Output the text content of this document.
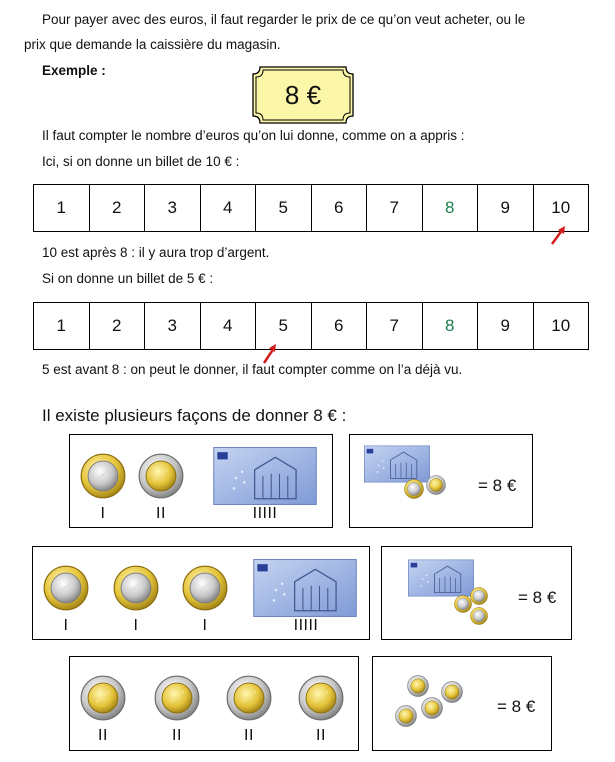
Pour payer avec des euros, il faut regarder le prix de ce qu’on veut acheter, ou le
prix que demande la caissière du magasin.
Exemple :
8 €
Il faut compter le nombre d’euros qu’on lui donne, comme on a appris :
Ici, si on donne un billet de 10 € :
1	2	3	4	5	6	7	8	9	10
10 est après 8 : il y aura trop d’argent.
Si on donne un billet de 5 € :
1	2	3	4	5	6	7	8	9	10
5 est avant 8 : on peut le donner, il faut compter comme on l’a déjà vu.
Il existe plusieurs façons de donner 8 € :
I	II	IIIII
= 8 €
I	I	I	IIIII
= 8 €
II	II	II	II
= 8 €
